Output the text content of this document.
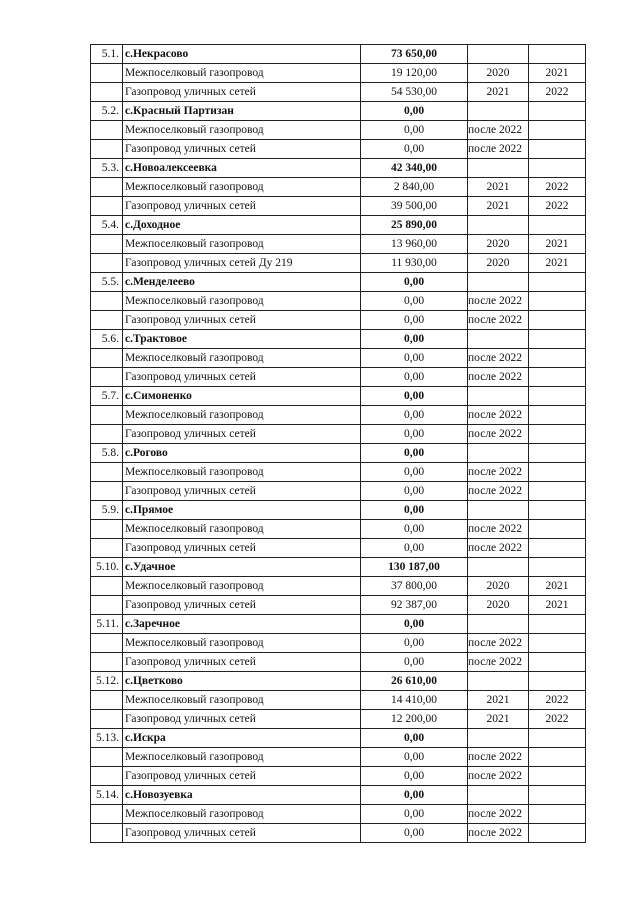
5.1.	с.Некрасово	73 650,00		
	Межпоселковый газопровод	19 120,00	2020	2021
	Газопровод уличных сетей	54 530,00	2021	2022
5.2.	с.Красный Партизан	0,00		
	Межпоселковый газопровод	0,00	после 2022	
	Газопровод уличных сетей	0,00	после 2022	
5.3.	с.Новоалексеевка	42 340,00		
	Межпоселковый газопровод	2 840,00	2021	2022
	Газопровод уличных сетей	39 500,00	2021	2022
5.4.	с.Доходное	25 890,00		
	Межпоселковый газопровод	13 960,00	2020	2021
	Газопровод уличных сетей Ду 219	11 930,00	2020	2021
5.5.	с.Менделеево	0,00		
	Межпоселковый газопровод	0,00	после 2022	
	Газопровод уличных сетей	0,00	после 2022	
5.6.	с.Трактовое	0,00		
	Межпоселковый газопровод	0,00	после 2022	
	Газопровод уличных сетей	0,00	после 2022	
5.7.	с.Симоненко	0,00		
	Межпоселковый газопровод	0,00	после 2022	
	Газопровод уличных сетей	0,00	после 2022	
5.8.	с.Рогово	0,00		
	Межпоселковый газопровод	0,00	после 2022	
	Газопровод уличных сетей	0,00	после 2022	
5.9.	с.Прямое	0,00		
	Межпоселковый газопровод	0,00	после 2022	
	Газопровод уличных сетей	0,00	после 2022	
5.10.	с.Удачное	130 187,00		
	Межпоселковый газопровод	37 800,00	2020	2021
	Газопровод уличных сетей	92 387,00	2020	2021
5.11.	с.Заречное	0,00		
	Межпоселковый газопровод	0,00	после 2022	
	Газопровод уличных сетей	0,00	после 2022	
5.12.	с.Цветково	26 610,00		
	Межпоселковый газопровод	14 410,00	2021	2022
	Газопровод уличных сетей	12 200,00	2021	2022
5.13.	с.Искра	0,00		
	Межпоселковый газопровод	0,00	после 2022	
	Газопровод уличных сетей	0,00	после 2022	
5.14.	с.Новозуевка	0,00		
	Межпоселковый газопровод	0,00	после 2022	
	Газопровод уличных сетей	0,00	после 2022	
